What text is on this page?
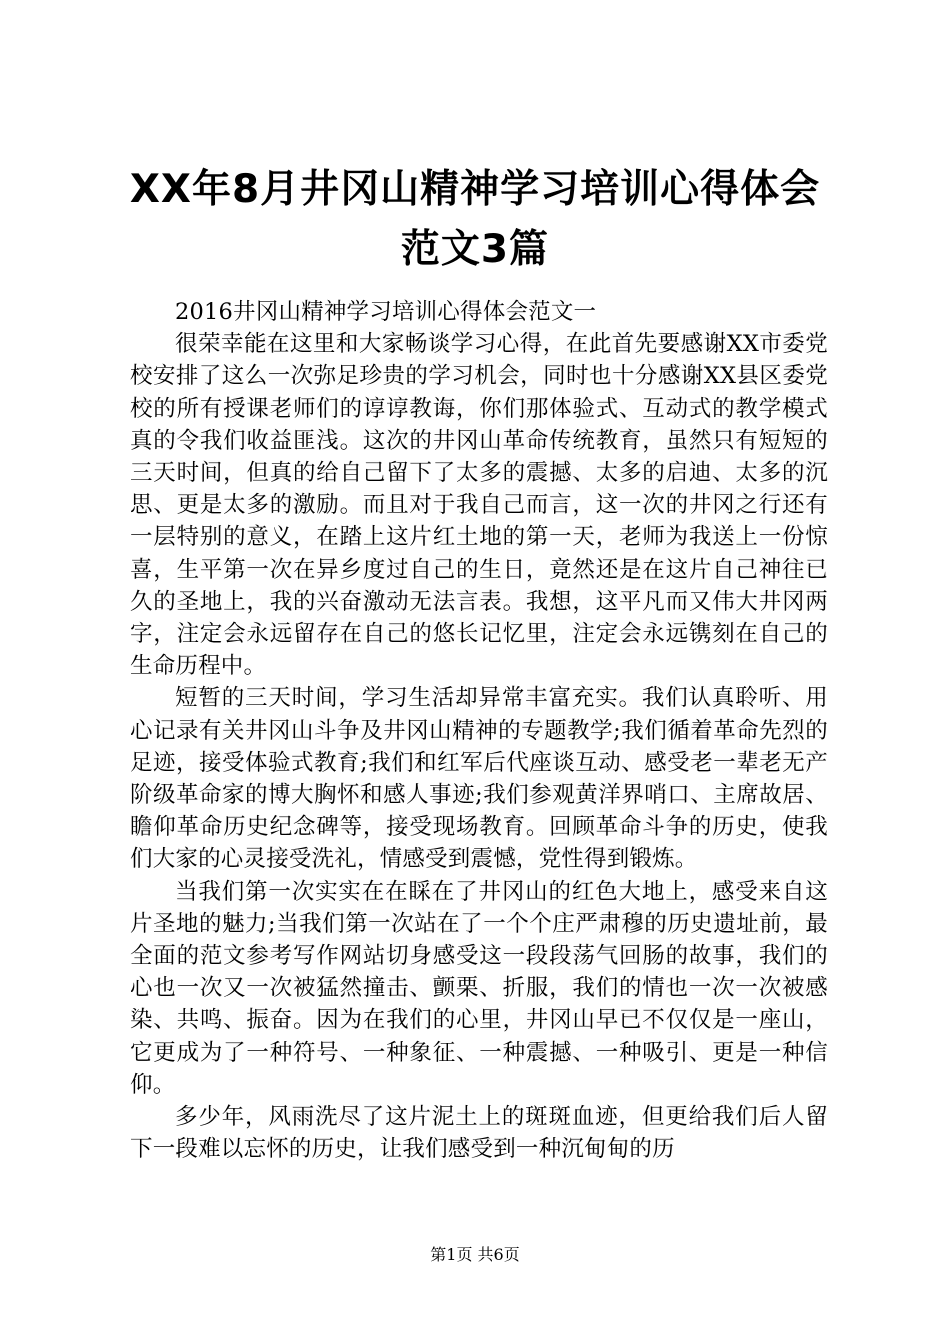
XX年8月井冈山精神学习培训心得体会范文3篇

2016井冈山精神学习培训心得体会范文一

很荣幸能在这里和大家畅谈学习心得，在此首先要感谢XX市委党校安排了这么一次弥足珍贵的学习机会，同时也十分感谢XX县区委党校的所有授课老师们的谆谆教诲，你们那体验式、互动式的教学模式真的令我们收益匪浅。这次的井冈山革命传统教育，虽然只有短短的三天时间，但真的给自己留下了太多的震撼、太多的启迪、太多的沉思、更是太多的激励。而且对于我自己而言，这一次的井冈之行还有一层特别的意义，在踏上这片红土地的第一天，老师为我送上一份惊喜，生平第一次在异乡度过自己的生日，竟然还是在这片自己神往已久的圣地上，我的兴奋激动无法言表。我想，这平凡而又伟大井冈两字，注定会永远留存在自己的悠长记忆里，注定会永远镌刻在自己的生命历程中。

短暂的三天时间，学习生活却异常丰富充实。我们认真聆听、用心记录有关井冈山斗争及井冈山精神的专题教学;我们循着革命先烈的足迹，接受体验式教育;我们和红军后代座谈互动、感受老一辈老无产阶级革命家的博大胸怀和感人事迹;我们参观黄洋界哨口、主席故居、瞻仰革命历史纪念碑等，接受现场教育。回顾革命斗争的历史，使我们大家的心灵接受洗礼，情感受到震憾，党性得到锻炼。

当我们第一次实实在在睬在了井冈山的红色大地上，感受来自这片圣地的魅力;当我们第一次站在了一个个庄严肃穆的历史遗址前，最全面的范文参考写作网站切身感受这一段段荡气回肠的故事，我们的心也一次又一次被猛然撞击、颤栗、折服，我们的情也一次一次被感染、共鸣、振奋。因为在我们的心里，井冈山早已不仅仅是一座山，它更成为了一种符号、一种象征、一种震撼、一种吸引、更是一种信仰。

多少年，风雨洗尽了这片泥土上的斑斑血迹，但更给我们后人留下一段难以忘怀的历史，让我们感受到一种沉甸甸的历

第1页 共6页
